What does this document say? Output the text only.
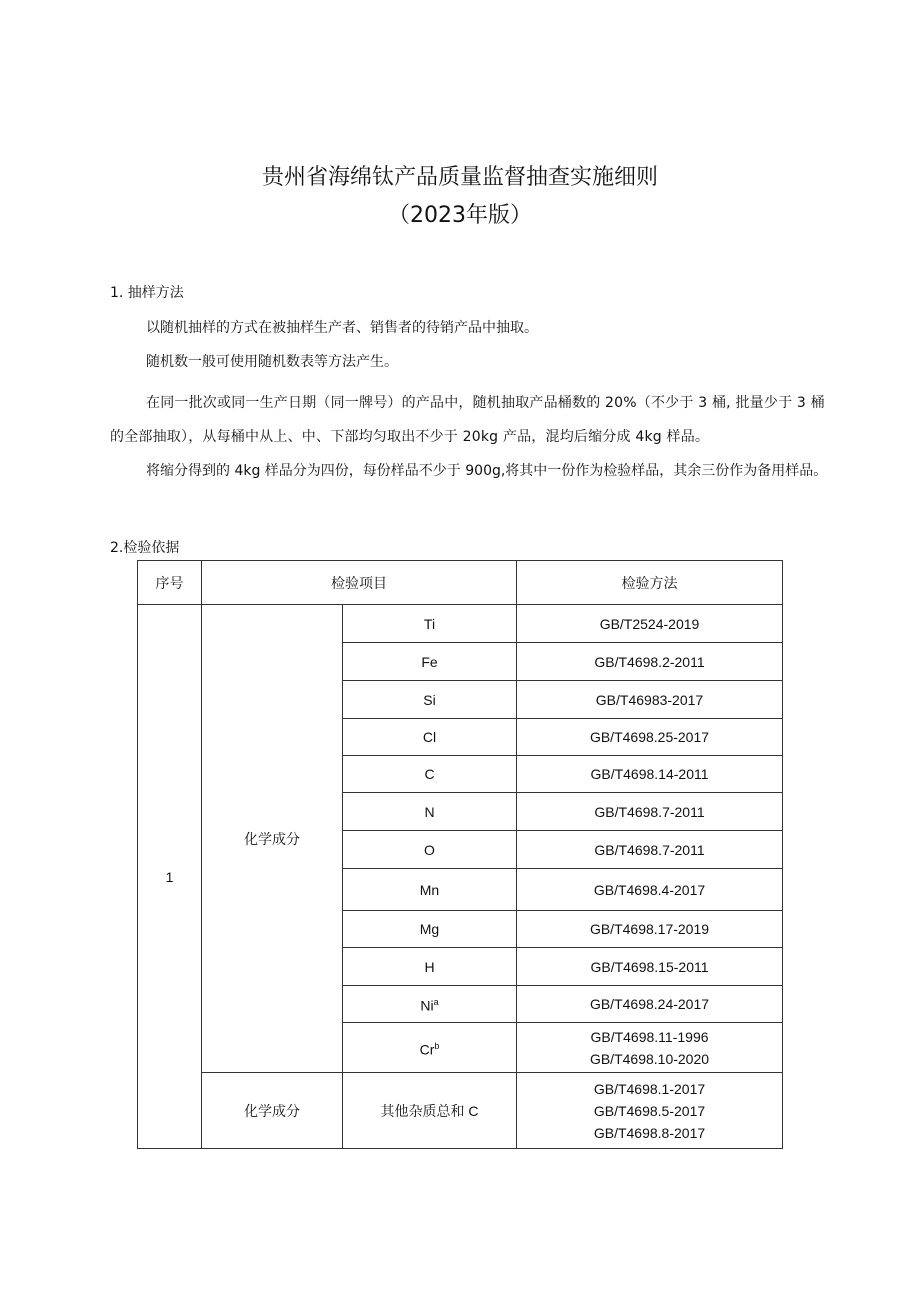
贵州省海绵钛产品质量监督抽查实施细则
（2023年版）
1. 抽样方法
以随机抽样的方式在被抽样生产者、销售者的待销产品中抽取。
随机数一般可使用随机数表等方法产生。
在同一批次或同一生产日期（同一牌号）的产品中，随机抽取产品桶数的 20%（不少于 3 桶, 批量少于 3 桶的全部抽取），从每桶中从上、中、下部均匀取出不少于 20kg 产品，混均后缩分成 4kg 样品。
将缩分得到的 4kg 样品分为四份，每份样品不少于 900g,将其中一份作为检验样品，其余三份作为备用样品。
2.检验依据
序号	检验项目		检验方法
1	化学成分	Ti	GB/T2524-2019

		Fe	GB/T4698.2-2011

		Si	GB/T46983-2017

		Cl	GB/T4698.25-2017

		C	GB/T4698.14-2011

		N	GB/T4698.7-2011

		O	GB/T4698.7-2011

		Mn	GB/T4698.4-2017

		Mg	GB/T4698.17-2019

		H	GB/T4698.15-2011

		Ni$^a$	GB/T4698.24-2017

		Cr$^b$	GB/T4698.11-1996
GB/T4698.10-2020

	化学成分	其他杂质总和 C	GB/T4698.1-2017
GB/T4698.5-2017
GB/T4698.8-2017
